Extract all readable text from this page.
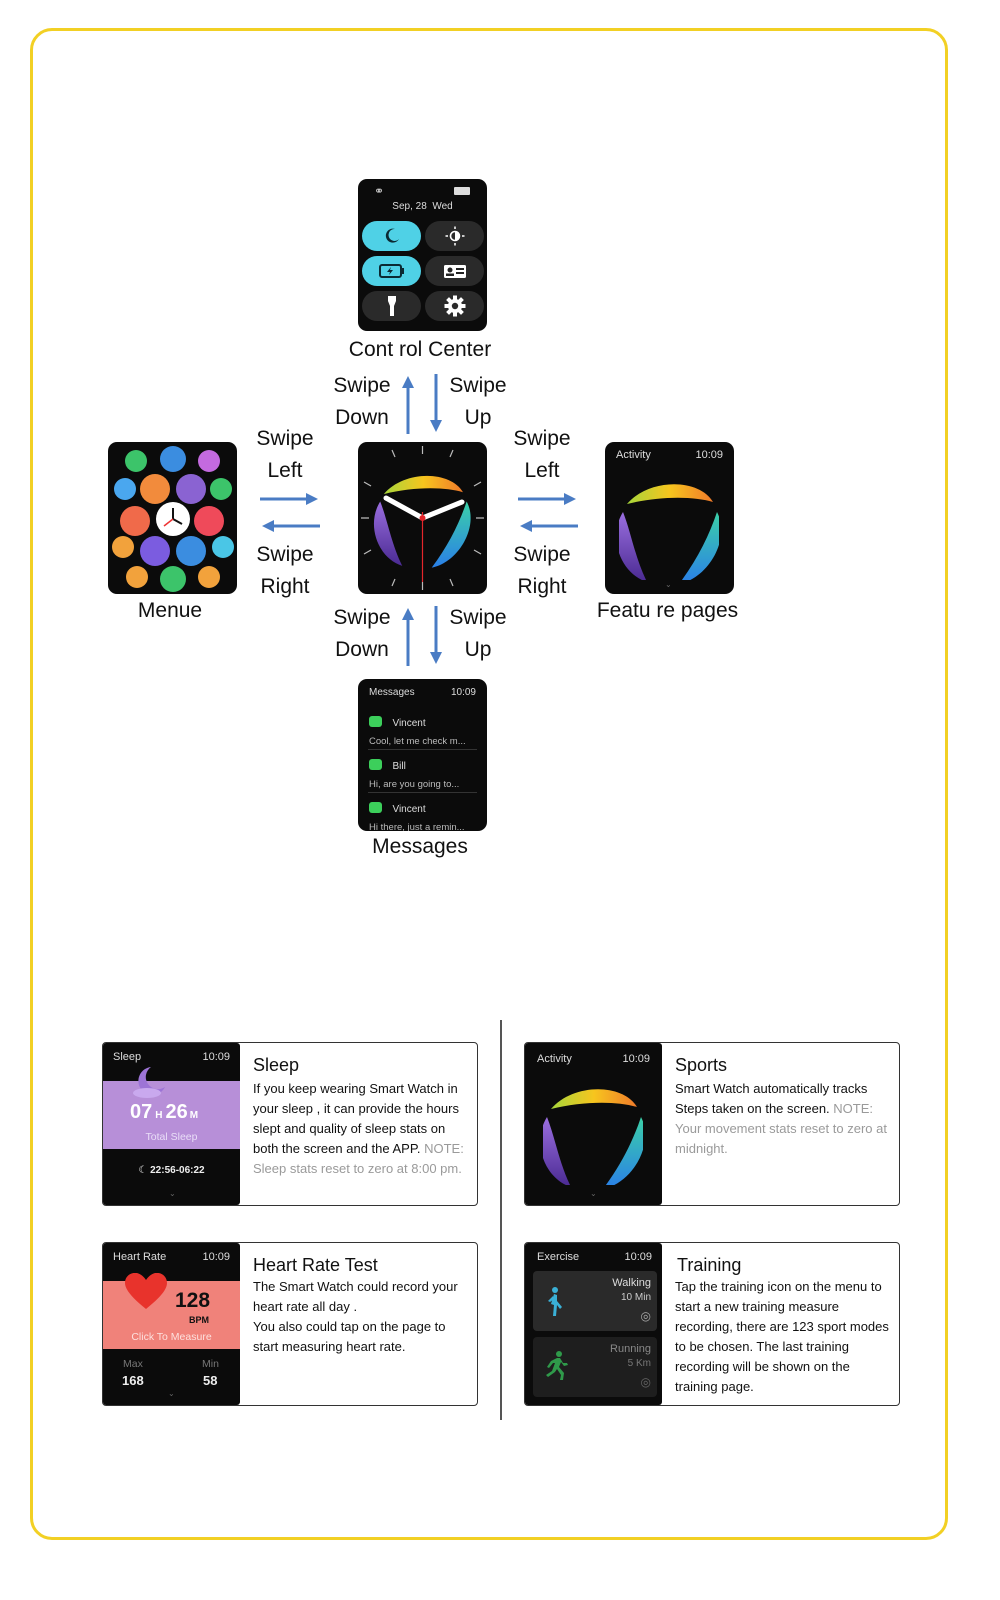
⚭
Sep, 28 Wed
Cont rol Center
Swipe
Down
Swipe
Up
Menue
Swipe
Left
Swipe
Right
Swipe
Left
Swipe
Right
Activity	10:09
⌄
Featu re pages
Swipe
Down
Swipe
Up
Messages	10:09
Vincent
Cool, let me check m...
Bill
Hi, are you going to...
Vincent
Hi there, just a remin...
Messages
Sleep	10:09
07 H 26 M
Total Sleep
☾ 22:56-06:22
⌄
Sleep
If you keep wearing Smart Watch in your sleep , it can provide the hours slept and quality of sleep stats on both the screen and the APP. NOTE: Sleep stats reset to zero at 8:00 pm.
Activity	10:09
⌄
Sports
Smart Watch automatically tracks Steps taken on the screen. NOTE: Your movement stats reset to zero at midnight.
Heart Rate	10:09
128
BPM
Click To Measure
Max
168
Min
58
⌄
Heart Rate Test
The Smart Watch could record your heart rate all day .
You also could tap on the page to start measuring heart rate.
Exercise	10:09
Walking
10 Min
◎
Running
5 Km
◎
Training
Tap the training icon on the menu to start a new training measure recording, there are 123 sport modes to be chosen. The last training recording will be shown on the training page.
